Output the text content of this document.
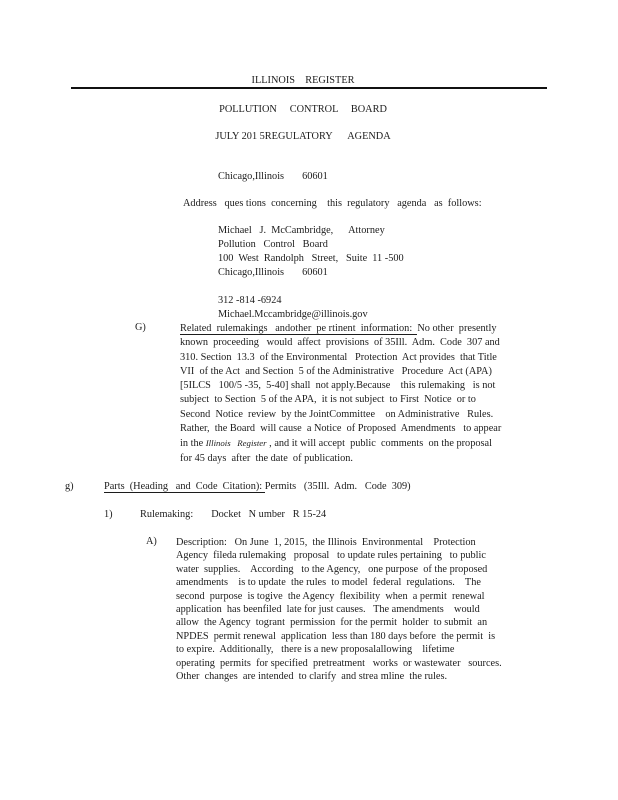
ILLINOIS    REGISTER
POLLUTION     CONTROL     BOARD
JULY 201 5REGULATORY      AGENDA
Chicago,Illinois       60601
Address   ques tions  concerning    this  regulatory   agenda   as  follows:
Michael   J.  McCambridge,      Attorney
Pollution   Control   Board
100  West  Randolph   Street,   Suite  11 -500
Chicago,Illinois       60601
312 -814 -6924
Michael.Mccambridge@illinois.gov
G)	Related  rulemakings   andother  pe rtinent  information:  No other  presently
known  proceeding   would  affect  provisions  of 35Ill.  Adm.  Code  307 and
310. Section  13.3  of the Environmental   Protection  Act provides  that Title
VII  of the Act  and Section  5 of the Administrative   Procedure  Act (APA)
[5ILCS   100/5 -35,  5-40] shall  not apply.Because    this rulemaking   is not
subject  to Section  5 of the APA,  it is not subject  to First  Notice  or to
Second  Notice  review  by the JointCommittee    on Administrative   Rules.
Rather,  the Board  will cause  a Notice  of Proposed  Amendments   to appear
in the Illinois   Register , and it will accept  public  comments  on the proposal
for 45 days  after  the date  of publication.
g)	Parts  (Heading   and  Code  Citation): Permits   (35Ill.  Adm.   Code  309)
1)	Rulemaking:       Docket   N umber   R 15-24
A) Description:   On June  1, 2015,  the Illinois  Environmental    Protection
Agency  fileda rulemaking   proposal   to update rules pertaining   to public
water  supplies.    According   to the Agency,   one purpose  of the proposed
amendments    is to update  the rules  to model  federal  regulations.    The
second  purpose  is togive  the Agency  flexibility  when  a permit  renewal
application  has beenfiled  late for just causes.   The amendments    would
allow  the Agency  togrant  permission  for the permit  holder  to submit  an
NPDES  permit renewal  application  less than 180 days before  the permit  is
to expire.  Additionally,   there is a new proposalallowing    lifetime
operating  permits  for specified  pretreatment   works  or wastewater   sources.
Other  changes  are intended  to clarify  and strea mline  the rules.
